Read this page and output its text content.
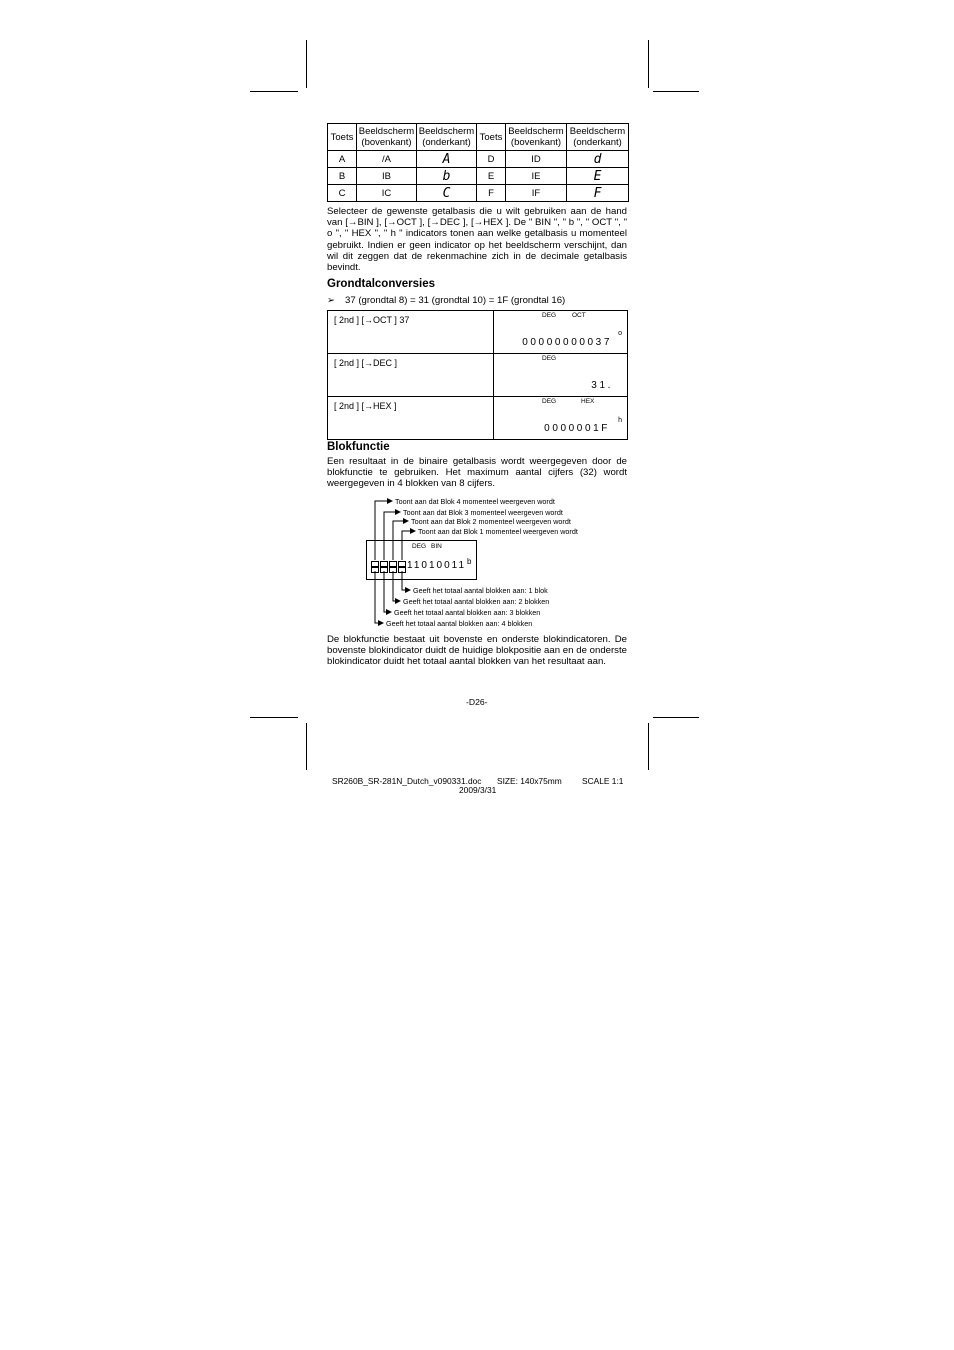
Toets	Beeldscherm (bovenkant)	Beeldscherm (onderkant)	Toets	Beeldscherm (bovenkant)	Beeldscherm (onderkant)
A	/A	A	D	ID	d
B	IB	b	E	IE	E
C	IC	C	F	IF	F
Selecteer de gewenste getalbasis die u wilt gebruiken aan de hand van [→BIN ], [→OCT ], [→DEC ], [→HEX ]. De " BIN ", " b ", " OCT ", " o ", " HEX ", " h " indicators tonen aan welke getalbasis u momenteel gebruikt. Indien er geen indicator op het beeldscherm verschijnt, dan wil dit zeggen dat de rekenmachine zich in de decimale getalbasis bevindt.
Grondtalconversies
➢ 37 (grondtal 8) = 31 (grondtal 10) = 1F (grondtal 16)
[ 2nd ] [→OCT ] 37	DEG OCT
o
00000000037

[ 2nd ] [→DEC ]	DEG
31.

[ 2nd ] [→HEX ]	DEG HEX
h
0000001F
Blokfunctie
Een resultaat in de binaire getalbasis wordt weergegeven door de blokfunctie te gebruiken. Het maximum aantal cijfers (32) wordt weergegeven in 4 blokken van 8 cijfers.
Toont aan dat Blok 4 momenteel weergeven wordt
Toont aan dat Blok 3 momenteel weergeven wordt
Toont aan dat Blok 2 momenteel weergeven wordt
Toont aan dat Blok 1 momenteel weergeven wordt
DEG BIN
11010011 b
Geeft het totaal aantal blokken aan: 1 blok
Geeft het totaal aantal blokken aan: 2 blokken
Geeft het totaal aantal blokken aan: 3 blokken
Geeft het totaal aantal blokken aan: 4 blokken
De blokfunctie bestaat uit bovenste en onderste blokindicatoren. De bovenste blokindicator duidt de huidige blokpositie aan en de onderste blokindicator duidt het totaal aantal blokken van het resultaat aan.
-D26-
SR260B_SR-281N_Dutch_v090331.doc SIZE: 140x75mm SCALE 1:1
2009/3/31
